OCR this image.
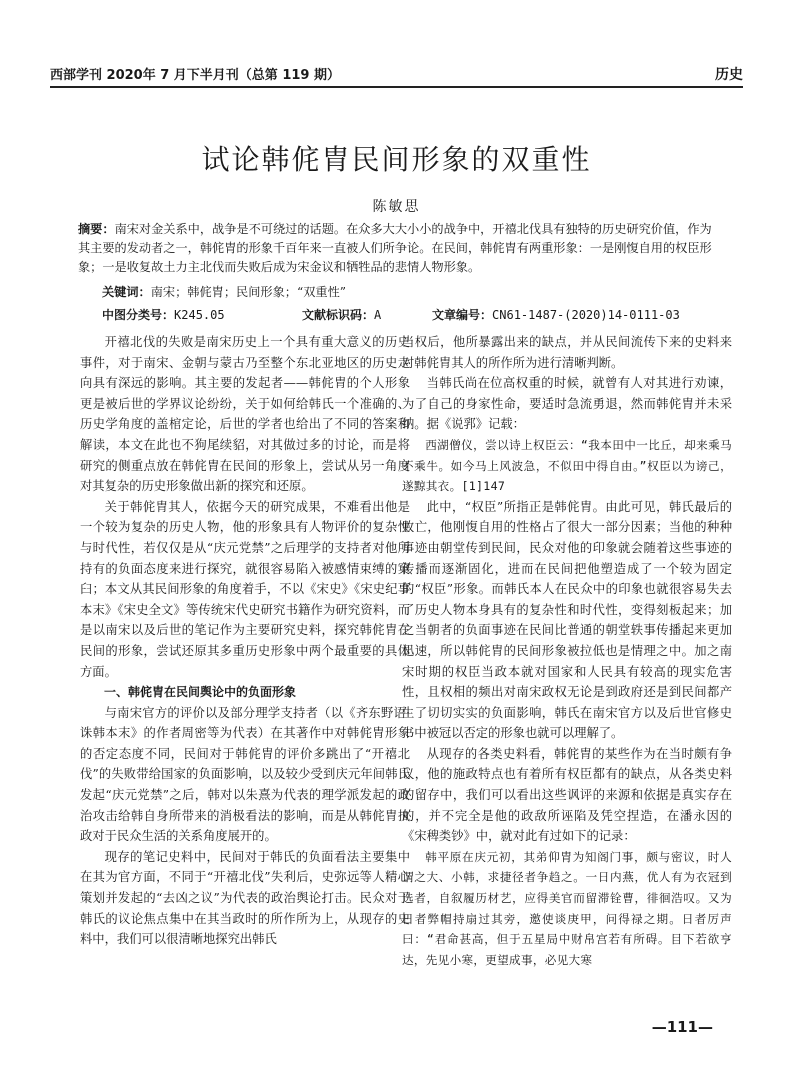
西部学刊 2020年 7 月下半月刊（总第 119 期）	历史
试论韩侂胄民间形象的双重性
陈敏思
摘要：南宋对金关系中，战争是不可绕过的话题。在众多大大小小的战争中，开禧北伐具有独特的历史研究价值，作为其主要的发动者之一，韩侂胄的形象千百年来一直被人们所争论。在民间，韩侂胄有两重形象：一是刚愎自用的权臣形象；一是收复故土力主北伐而失败后成为宋金议和牺牲品的悲情人物形象。
关键词：南宋；韩侂胄；民间形象；“双重性”
中图分类号：K245.05	文献标识码：A	文章编号：CN61-1487-(2020)14-0111-03

开禧北伐的失败是南宋历史上一个具有重大意义的历史事件，对于南宋、金朝与蒙古乃至整个东北亚地区的历史走向具有深远的影响。其主要的发起者——韩侂胄的个人形象更是被后世的学界议论纷纷，关于如何给韩氏一个准确的、历史学角度的盖棺定论，后世的学者也给出了不同的答案和解读，本文在此也不狗尾续貂，对其做过多的讨论，而是将研究的侧重点放在韩侂胄在民间的形象上，尝试从另一角度对其复杂的历史形象做出新的探究和还原。

关于韩侂胄其人，依据今天的研究成果，不难看出他是一个较为复杂的历史人物，他的形象具有人物评价的复杂性与时代性，若仅仅是从“庆元党禁”之后理学的支持者对他所持有的负面态度来进行探究，就很容易陷入被感情束缚的窠臼；本文从其民间形象的角度着手，不以《宋史》《宋史纪事本末》《宋史全文》等传统宋代史研究书籍作为研究资料，而是以南宋以及后世的笔记作为主要研究史料，探究韩侂胄在民间的形象，尝试还原其多重历史形象中两个最重要的具体方面。

一、韩侂胄在民间舆论中的负面形象

与南宋官方的评价以及部分理学支持者（以《齐东野语·诛韩本末》的作者周密等为代表）在其著作中对韩侂胄形象的否定态度不同，民间对于韩侂胄的评价多跳出了“开禧北伐”的失败带给国家的负面影响，以及较少受到庆元年间韩氏发起“庆元党禁”之后，韩对以朱熹为代表的理学派发起的政治攻击给韩自身所带来的消极看法的影响，而是从韩侂胄执政对于民众生活的关系角度展开的。

现存的笔记史料中，民间对于韩氏的负面看法主要集中在其为官方面，不同于“开禧北伐”失利后，史弥远等人精心策划并发起的“去凶之议”为代表的政治舆论打击。民众对于韩氏的议论焦点集中在其当政时的所作所为上，从现存的史料中，我们可以很清晰地探究出韩氏

当权后，他所暴露出来的缺点，并从民间流传下来的史料来对韩侂胄其人的所作所为进行清晰判断。

当韩氏尚在位高权重的时候，就曾有人对其进行劝谏，为了自己的身家性命，要适时急流勇退，然而韩侂胄并未采纳。据《说郛》记载：

西湖僧仪，尝以诗上权臣云：“我本田中一比丘，却来乘马不乘牛。如今马上风波急，不似田中得自由。”权臣以为谤己，遂黥其衣。[1]147

此中，“权臣”所指正是韩侂胄。由此可见，韩氏最后的败亡，他刚愎自用的性格占了很大一部分因素；当他的种种事迹由朝堂传到民间，民众对他的印象就会随着这些事迹的传播而逐渐固化，进而在民间把他塑造成了一个较为固定的“权臣”形象。而韩氏本人在民众中的印象也就很容易失去了历史人物本身具有的复杂性和时代性，变得刻板起来；加之当朝者的负面事迹在民间比普通的朝堂轶事传播起来更加迅速，所以韩侂胄的民间形象被拉低也是情理之中。加之南宋时期的权臣当政本就对国家和人民具有较高的现实危害性，且权相的频出对南宋政权无论是到政府还是到民间都产生了切切实实的负面影响，韩氏在南宋官方以及后世官修史书中被冠以否定的形象也就可以理解了。

从现存的各类史料看，韩侂胄的某些作为在当时颇有争议，他的施政特点也有着所有权臣都有的缺点，从各类史料的留存中，我们可以看出这些讽评的来源和依据是真实存在的，并不完全是他的政敌所诬陷及凭空捏造，在潘永因的《宋稗类钞》中，就对此有过如下的记录：

韩平原在庆元初，其弟仰胄为知阁门事，颇与密议，时人谓之大、小韩，求捷径者争趋之。一日内燕，优人有为衣冠到选者，自叙履历材艺，应得美官而留滞铨曹，徘徊浩叹。又为日者弊帽持扇过其旁，邀使谈庚甲，问得禄之期。日者厉声曰：“君命甚高，但于五星局中财帛宫若有所碍。目下若欲亨达，先见小寒，更望成事，必见大寒

—111—
